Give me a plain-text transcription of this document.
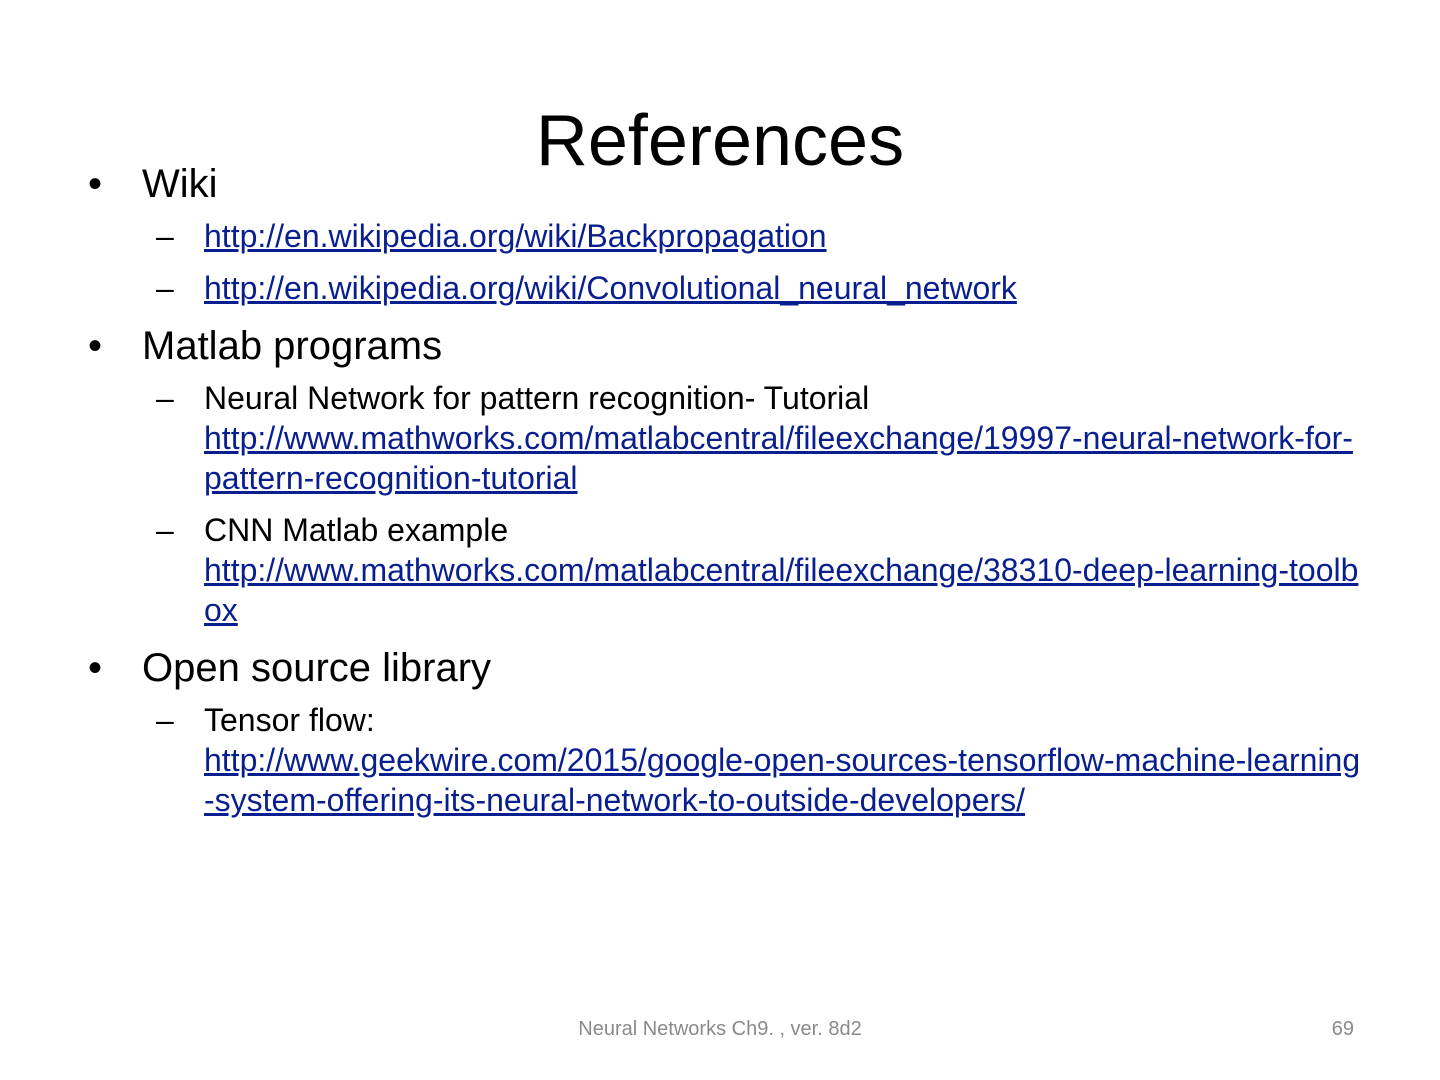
References
• Wiki
– http://en.wikipedia.org/wiki/Backpropagation
– http://en.wikipedia.org/wiki/Convolutional_neural_network
• Matlab programs
– Neural Network for pattern recognition- Tutorial
http://www.mathworks.com/matlabcentral/fileexchange/19997-neural-network-for-pattern-recognition-tutorial
– CNN Matlab example
http://www.mathworks.com/matlabcentral/fileexchange/38310-deep-learning-toolbox
• Open source library
– Tensor flow:
http://www.geekwire.com/2015/google-open-sources-tensorflow-machine-learning-system-offering-its-neural-network-to-outside-developers/
Neural Networks Ch9. , ver. 8d2	69
